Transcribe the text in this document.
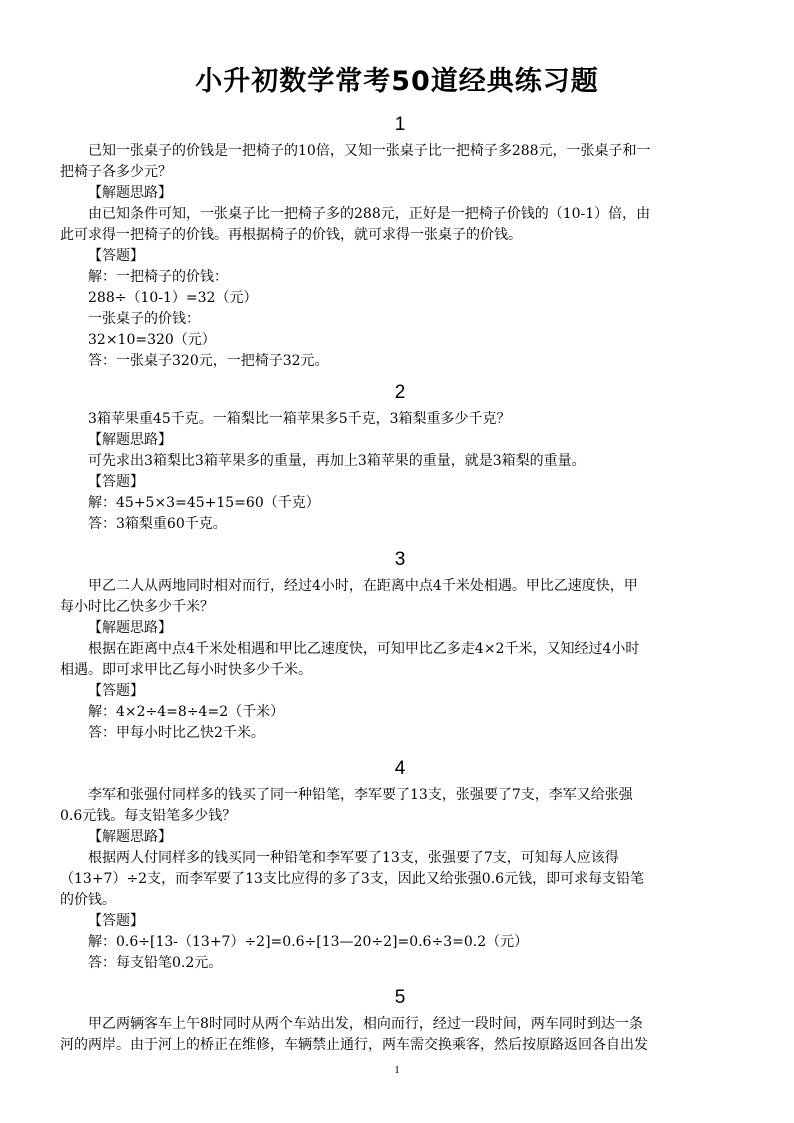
小升初数学常考50道经典练习题
1
已知一张桌子的价钱是一把椅子的10倍，又知一张桌子比一把椅子多288元，一张桌子和一
把椅子各多少元？
【解题思路】
由已知条件可知，一张桌子比一把椅子多的288元，正好是一把椅子价钱的（10-1）倍，由
此可求得一把椅子的价钱。再根据椅子的价钱，就可求得一张桌子的价钱。
【答题】
解：一把椅子的价钱：
288÷（10-1）=32（元）
一张桌子的价钱：
32×10=320（元）
答：一张桌子320元，一把椅子32元。
2
3箱苹果重45千克。一箱梨比一箱苹果多5千克，3箱梨重多少千克？
【解题思路】
可先求出3箱梨比3箱苹果多的重量，再加上3箱苹果的重量，就是3箱梨的重量。
【答题】
解：45+5×3=45+15=60（千克）
答：3箱梨重60千克。
3
甲乙二人从两地同时相对而行，经过4小时，在距离中点4千米处相遇。甲比乙速度快，甲
每小时比乙快多少千米？
【解题思路】
根据在距离中点4千米处相遇和甲比乙速度快，可知甲比乙多走4×2千米，又知经过4小时
相遇。即可求甲比乙每小时快多少千米。
【答题】
解：4×2÷4=8÷4=2（千米）
答：甲每小时比乙快2千米。
4
李军和张强付同样多的钱买了同一种铅笔，李军要了13支，张强要了7支，李军又给张强
0.6元钱。每支铅笔多少钱？
【解题思路】
根据两人付同样多的钱买同一种铅笔和李军要了13支，张强要了7支，可知每人应该得
（13+7）÷2支，而李军要了13支比应得的多了3支，因此又给张强0.6元钱，即可求每支铅笔
的价钱。
【答题】
解：0.6÷[13-（13+7）÷2]=0.6÷[13—20÷2]=0.6÷3=0.2（元）
答：每支铅笔0.2元。
5
甲乙两辆客车上午8时同时从两个车站出发，相向而行，经过一段时间，两车同时到达一条
河的两岸。由于河上的桥正在维修，车辆禁止通行，两车需交换乘客，然后按原路返回各自出发
1
